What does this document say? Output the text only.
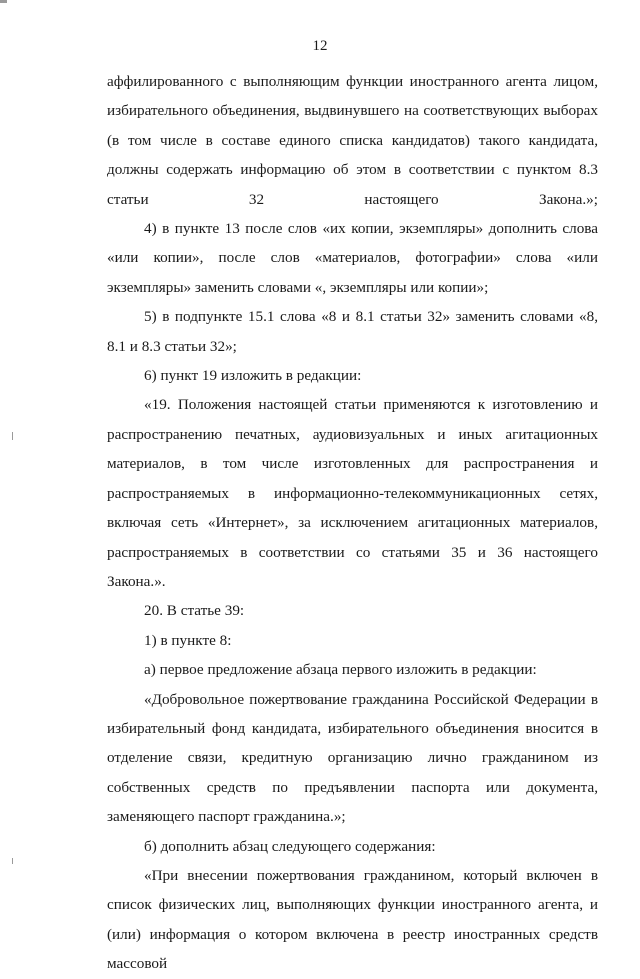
12

аффилированного с выполняющим функции иностранного агента лицом, избирательного объединения, выдвинувшего на соответствующих выборах (в том числе в составе единого списка кандидатов) такого кандидата, должны содержать информацию об этом в соответствии с пунктом 8.3 статьи 32 настоящего Закона.»;

4) в пункте 13 после слов «их копии, экземпляры» дополнить слова «или копии», после слов «материалов, фотографии» слова «или экземпляры» заменить словами «, экземпляры или копии»;

5) в подпункте 15.1 слова «8 и 8.1 статьи 32» заменить словами «8, 8.1 и 8.3 статьи 32»;

6) пункт 19 изложить в редакции:

«19. Положения настоящей статьи применяются к изготовлению и распространению печатных, аудиовизуальных и иных агитационных материалов, в том числе изготовленных для распространения и распространяемых в информационно-телекоммуникационных сетях, включая сеть «Интернет», за исключением агитационных материалов, распространяемых в соответствии со статьями 35 и 36 настоящего Закона.».

20. В статье 39:

1) в пункте 8:

а) первое предложение абзаца первого изложить в редакции:

«Добровольное пожертвование гражданина Российской Федерации в избирательный фонд кандидата, избирательного объединения вносится в отделение связи, кредитную организацию лично гражданином из собственных средств по предъявлении паспорта или документа, заменяющего паспорт гражданина.»;

б) дополнить абзац следующего содержания:

«При внесении пожертвования гражданином, который включен в список физических лиц, выполняющих функции иностранного агента, и (или) информация о котором включена в реестр иностранных средств массовой
